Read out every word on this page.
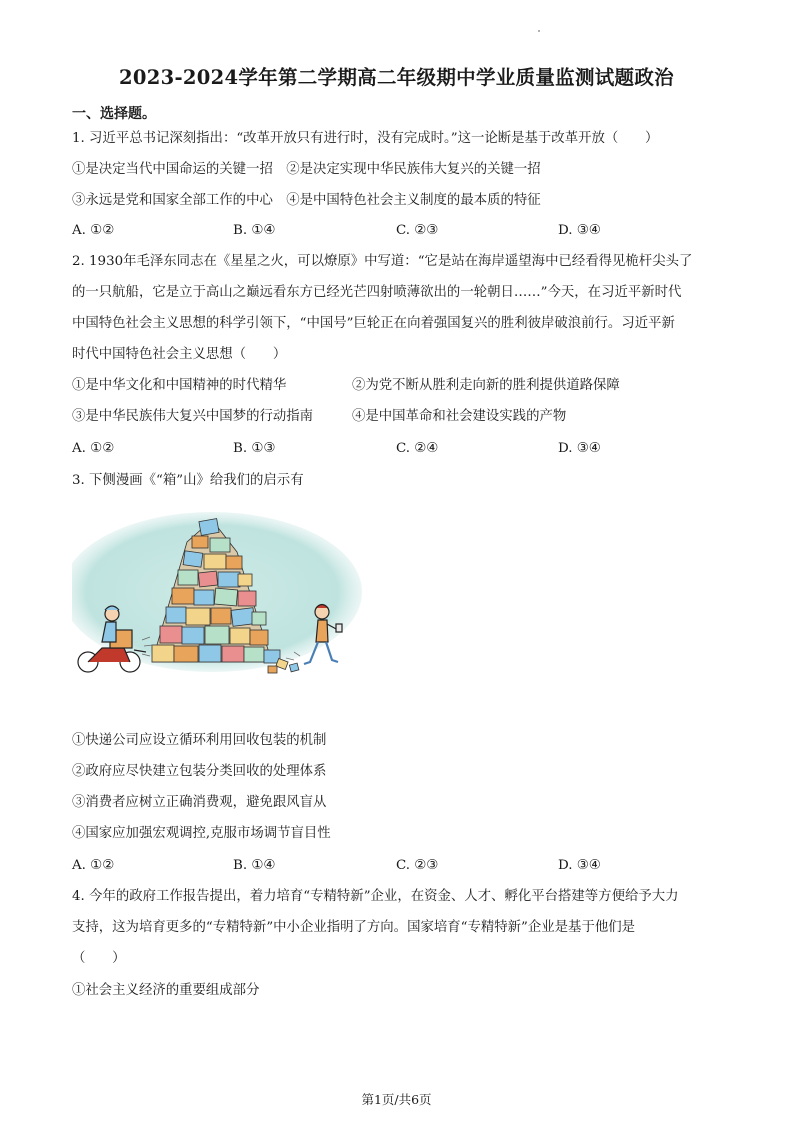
2023-2024学年第二学期高二年级期中学业质量监测试题政治
一、选择题。
1. 习近平总书记深刻指出：“改革开放只有进行时，没有完成时。”这一论断是基于改革开放（　　）
①是决定当代中国命运的关键一招　②是决定实现中华民族伟大复兴的关键一招
③永远是党和国家全部工作的中心　④是中国特色社会主义制度的最本质的特征
A. ①②	B. ①④	C. ②③	D. ③④
2. 1930年毛泽东同志在《星星之火，可以燎原》中写道：“它是站在海岸遥望海中已经看得见桅杆尖头了
的一只航船，它是立于高山之巅远看东方已经光芒四射喷薄欲出的一轮朝日……”今天，在习近平新时代
中国特色社会主义思想的科学引领下，“中国号”巨轮正在向着强国复兴的胜利彼岸破浪前行。习近平新
时代中国特色社会主义思想（　　）
①是中华文化和中国精神的时代精华	②为党不断从胜利走向新的胜利提供道路保障
③是中华民族伟大复兴中国梦的行动指南	④是中国革命和社会建设实践的产物
A. ①②	B. ①③	C. ②④	D. ③④
3. 下侧漫画《“箱”山》给我们的启示有
①快递公司应设立循环利用回收包装的机制
②政府应尽快建立包装分类回收的处理体系
③消费者应树立正确消费观，避免跟风盲从
④国家应加强宏观调控,克服市场调节盲目性
A. ①②	B. ①④	C. ②③	D. ③④
4. 今年的政府工作报告提出，着力培育“专精特新”企业，在资金、人才、孵化平台搭建等方便给予大力
支持，这为培育更多的“专精特新”中小企业指明了方向。国家培育“专精特新”企业是基于他们是
（　　）
①社会主义经济的重要组成部分
第1页/共6页
